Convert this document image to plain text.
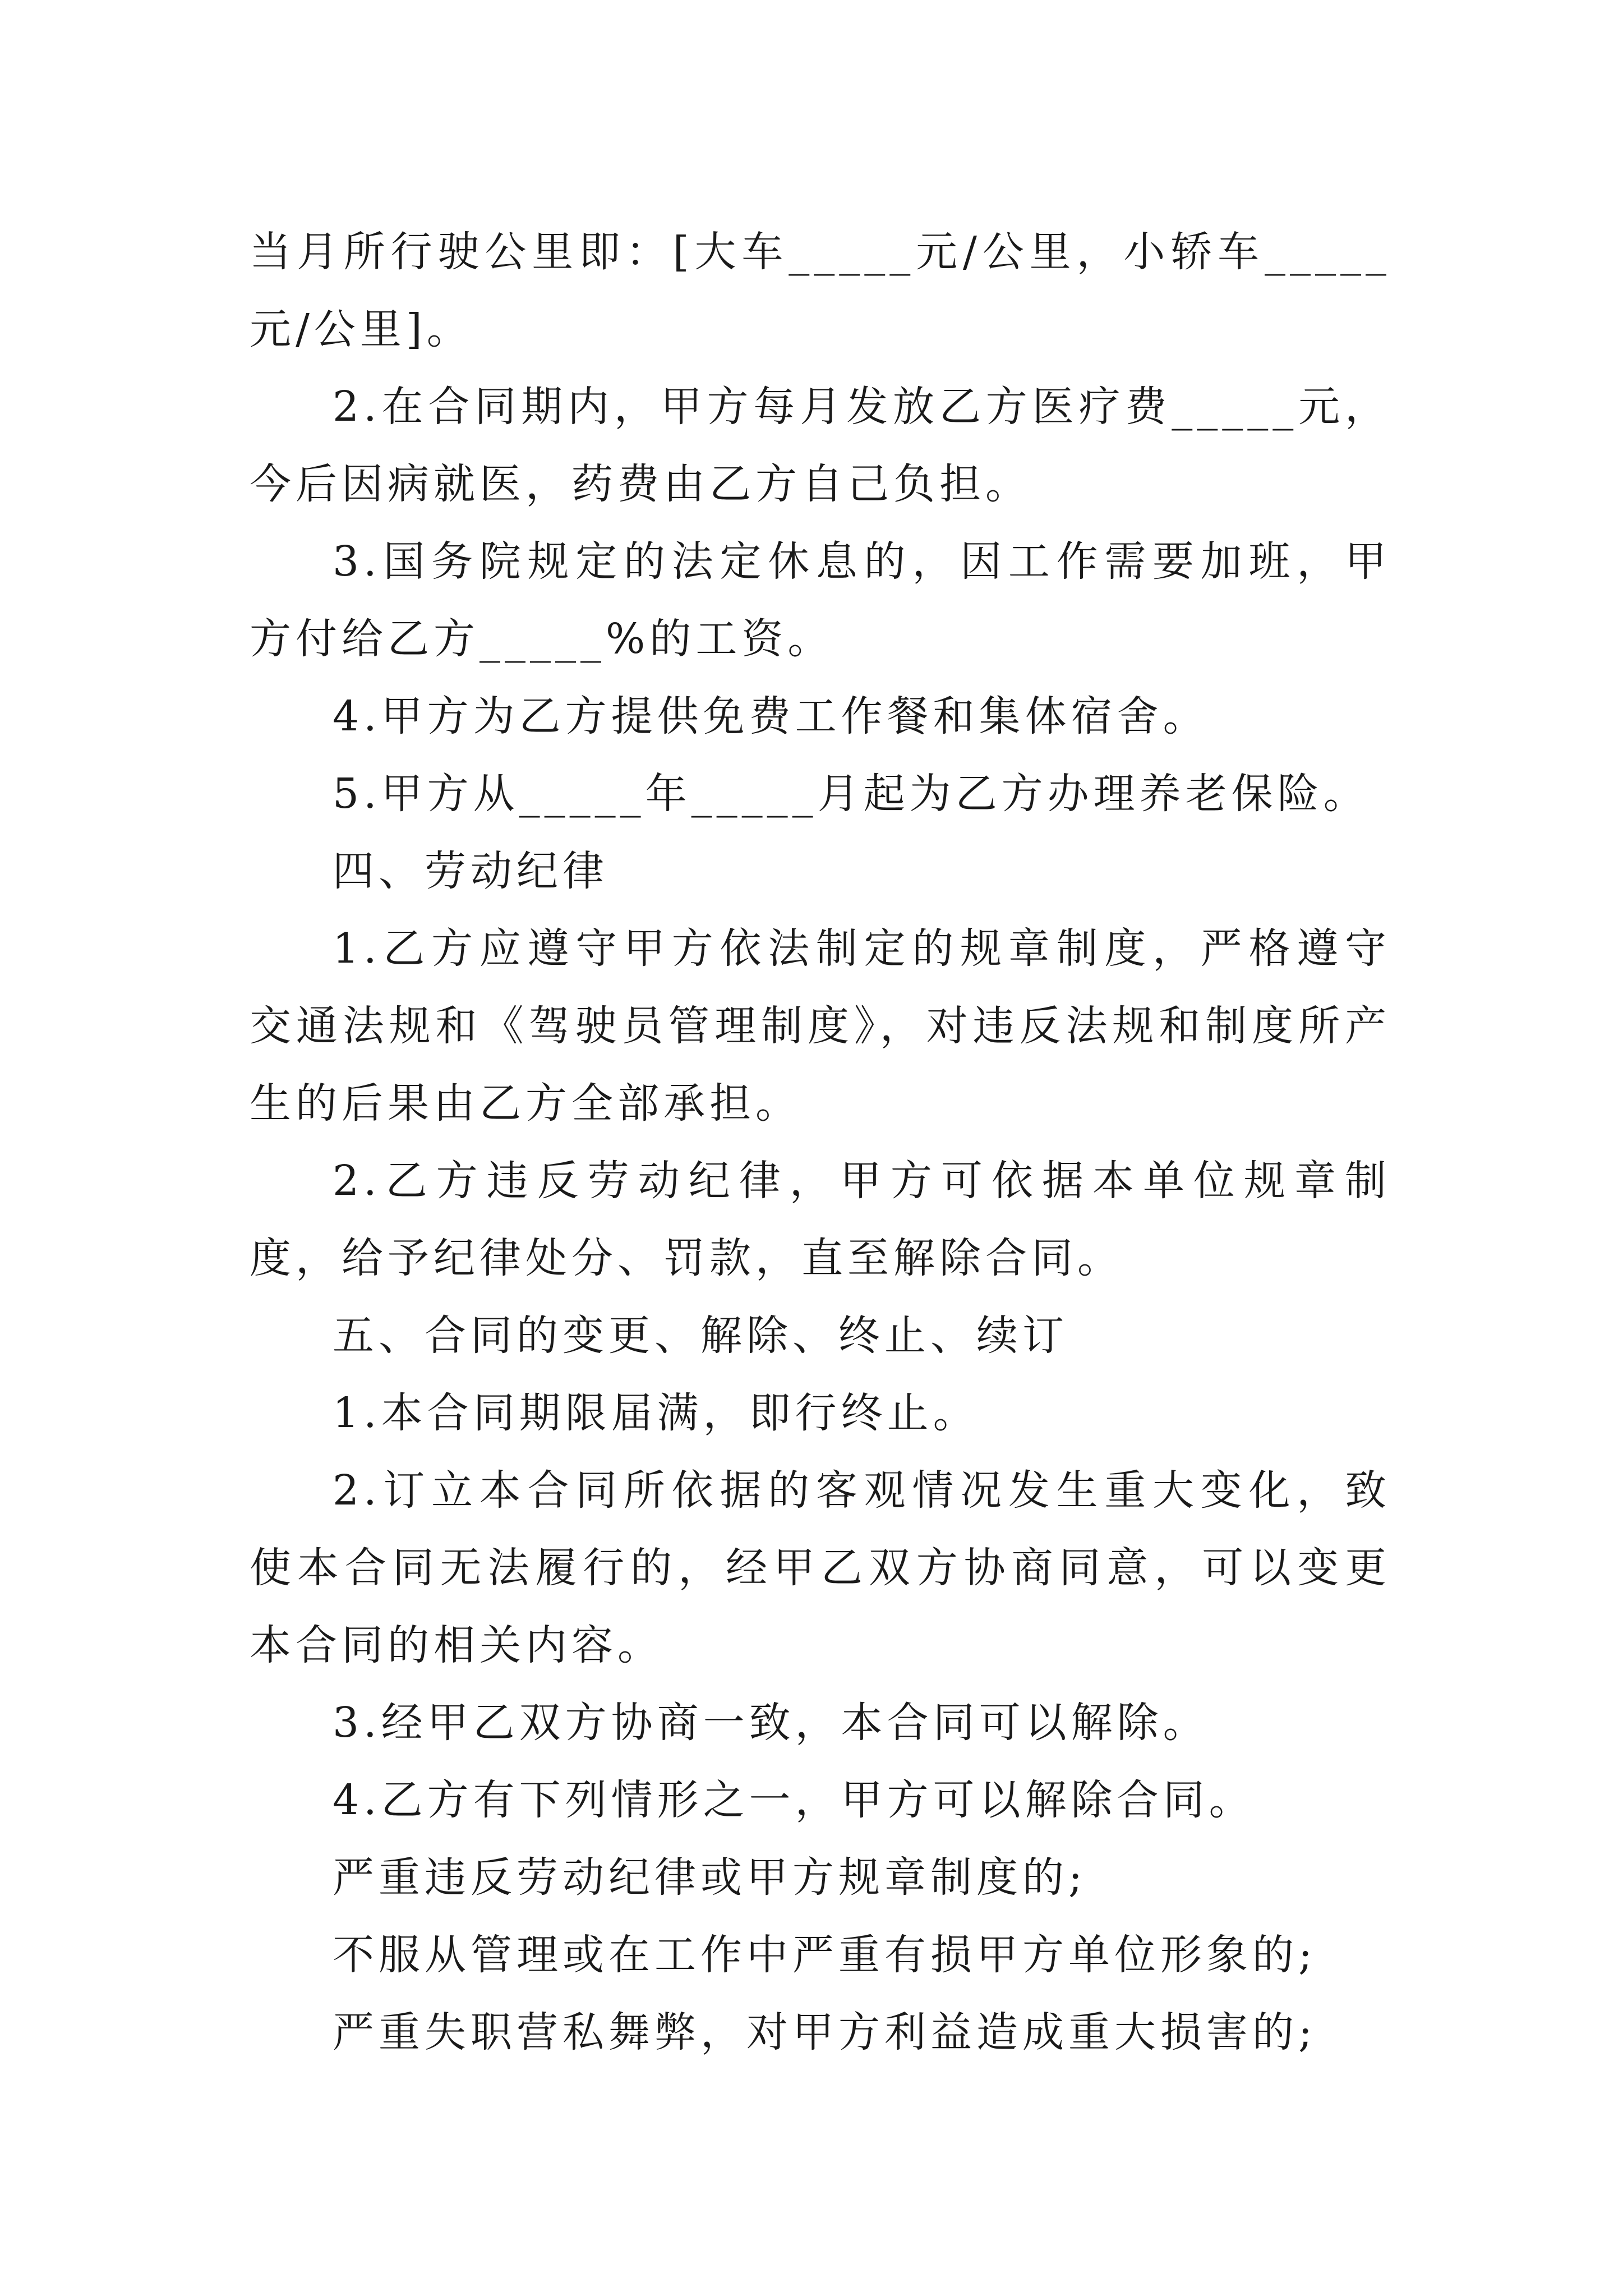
当月所行驶公里即：[大车_____元/公里，小轿车_____元/公里]。

2.在合同期内，甲方每月发放乙方医疗费_____元，今后因病就医，药费由乙方自己负担。

3.国务院规定的法定休息的，因工作需要加班，甲方付给乙方_____%的工资。

4.甲方为乙方提供免费工作餐和集体宿舍。

5.甲方从_____年_____月起为乙方办理养老保险。

四、劳动纪律

1.乙方应遵守甲方依法制定的规章制度，严格遵守交通法规和《驾驶员管理制度》，对违反法规和制度所产生的后果由乙方全部承担。

2.乙方违反劳动纪律，甲方可依据本单位规章制度，给予纪律处分、罚款，直至解除合同。

五、合同的变更、解除、终止、续订

1.本合同期限届满，即行终止。

2.订立本合同所依据的客观情况发生重大变化，致使本合同无法履行的，经甲乙双方协商同意，可以变更本合同的相关内容。

3.经甲乙双方协商一致，本合同可以解除。

4.乙方有下列情形之一，甲方可以解除合同。

严重违反劳动纪律或甲方规章制度的;

不服从管理或在工作中严重有损甲方单位形象的;

严重失职营私舞弊，对甲方利益造成重大损害的;
